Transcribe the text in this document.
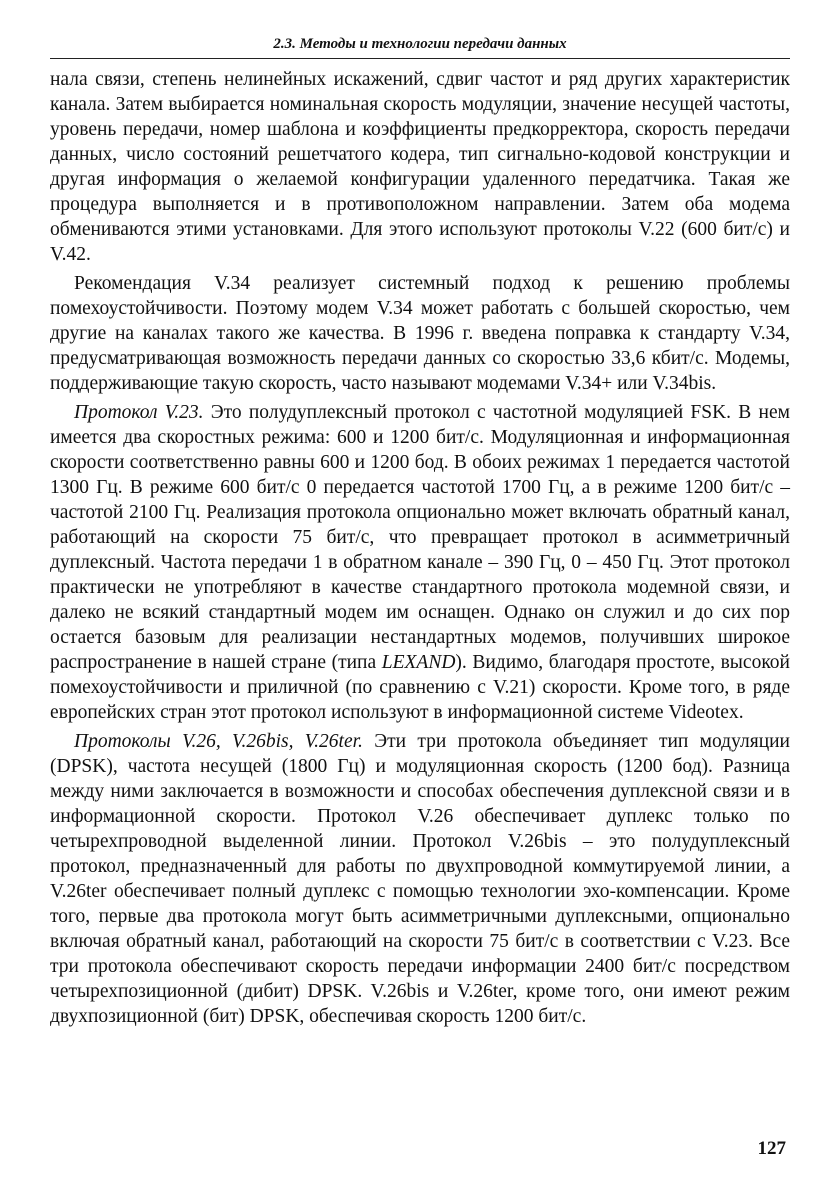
2.3. Методы и технологии передачи данных

нала связи, степень нелинейных искажений, сдвиг частот и ряд других характеристик канала. Затем выбирается номинальная скорость модуляции, значение несущей частоты, уровень передачи, номер шаблона и коэффициенты предкорректора, скорость передачи данных, число состояний решетчатого кодера, тип сигнально-кодовой конструкции и другая информация о желаемой конфигурации удаленного передатчика. Такая же процедура выполняется и в противоположном направлении. Затем оба модема обмениваются этими установками. Для этого используют протоколы V.22 (600 бит/с) и V.42.

Рекомендация V.34 реализует системный подход к решению проблемы помехоустойчивости. Поэтому модем V.34 может работать с большей скоростью, чем другие на каналах такого же качества. В 1996 г. введена поправка к стандарту V.34, предусматривающая возможность передачи данных со скоростью 33,6 кбит/с. Модемы, поддерживающие такую скорость, часто называют модемами V.34+ или V.34bis.

Протокол V.23. Это полудуплексный протокол с частотной модуляцией FSK. В нем имеется два скоростных режима: 600 и 1200 бит/с. Модуляционная и информационная скорости соответственно равны 600 и 1200 бод. В обоих режимах 1 передается частотой 1300 Гц. В режиме 600 бит/с 0 передается частотой 1700 Гц, а в режиме 1200 бит/с – частотой 2100 Гц. Реализация протокола опционально может включать обратный канал, работающий на скорости 75 бит/с, что превращает протокол в асимметричный дуплексный. Частота передачи 1 в обратном канале – 390 Гц, 0 – 450 Гц. Этот протокол практически не употребляют в качестве стандартного протокола модемной связи, и далеко не всякий стандартный модем им оснащен. Однако он служил и до сих пор остается базовым для реализации нестандартных модемов, получивших широкое распространение в нашей стране (типа LEXAND). Видимо, благодаря простоте, высокой помехоустойчивости и приличной (по сравнению с V.21) скорости. Кроме того, в ряде европейских стран этот протокол используют в информационной системе Videotex.

Протоколы V.26, V.26bis, V.26ter. Эти три протокола объединяет тип модуляции (DPSK), частота несущей (1800 Гц) и модуляционная скорость (1200 бод). Разница между ними заключается в возможности и способах обеспечения дуплексной связи и в информационной скорости. Протокол V.26 обеспечивает дуплекс только по четырехпроводной выделенной линии. Протокол V.26bis – это полудуплексный протокол, предназначенный для работы по двухпроводной коммутируемой линии, а V.26ter обеспечивает полный дуплекс с помощью технологии эхо-компенсации. Кроме того, первые два протокола могут быть асимметричными дуплексными, опционально включая обратный канал, работающий на скорости 75 бит/с в соответствии с V.23. Все три протокола обеспечивают скорость передачи информации 2400 бит/с посредством четырехпозиционной (дибит) DPSK. V.26bis и V.26ter, кроме того, они имеют режим двухпозиционной (бит) DPSK, обеспечивая скорость 1200 бит/с.

127
